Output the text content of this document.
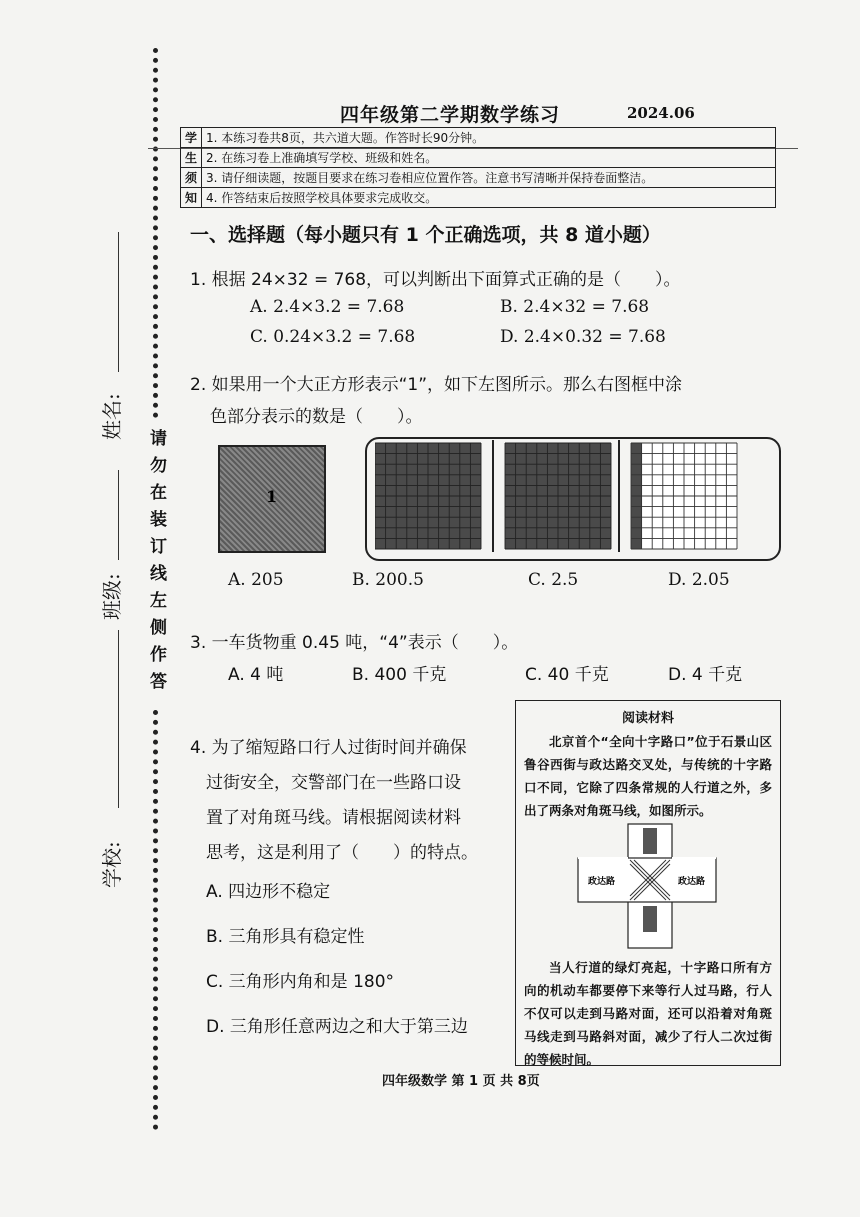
姓名:
班级:
学校:
请
勿
在
装
订
线
左
侧
作
答
四年级第二学期数学练习	2024.06
学	1. 本练习卷共8页，共六道大题。作答时长90分钟。
生	2. 在练习卷上准确填写学校、班级和姓名。
须	3. 请仔细读题，按题目要求在练习卷相应位置作答。注意书写清晰并保持卷面整洁。
知	4. 作答结束后按照学校具体要求完成收交。
一、选择题（每小题只有 1 个正确选项，共 8 道小题）
1. 根据 24×32 = 768，可以判断出下面算式正确的是（　　）。
A. 2.4×3.2 = 7.68	B. 2.4×32 = 7.68
C. 0.24×3.2 = 7.68	D. 2.4×0.32 = 7.68
2. 如果用一个大正方形表示“1”，如下左图所示。那么右图框中涂
色部分表示的数是（　　）。
1
A. 205	B. 200.5	C. 2.5	D. 2.05
3. 一车货物重 0.45 吨，“4”表示（　　）。
A. 4 吨	B. 400 千克	C. 40 千克	D. 4 千克
4. 为了缩短路口行人过街时间并确保
过街安全，交警部门在一些路口设
置了对角斑马线。请根据阅读材料
思考，这是利用了（　　）的特点。
A. 四边形不稳定
B. 三角形具有稳定性
C. 三角形内角和是 180°
D. 三角形任意两边之和大于第三边
阅读材料
北京首个“全向十字路口”位于石景山区鲁谷西街与政达路交叉处，与传统的十字路口不同，它除了四条常规的人行道之外，多出了两条对角斑马线，如图所示。
政达路	政达路
当人行道的绿灯亮起，十字路口所有方向的机动车都要停下来等行人过马路，行人不仅可以走到马路对面，还可以沿着对角斑马线走到马路斜对面，减少了行人二次过街的等候时间。
四年级数学 第 1 页 共 8页
